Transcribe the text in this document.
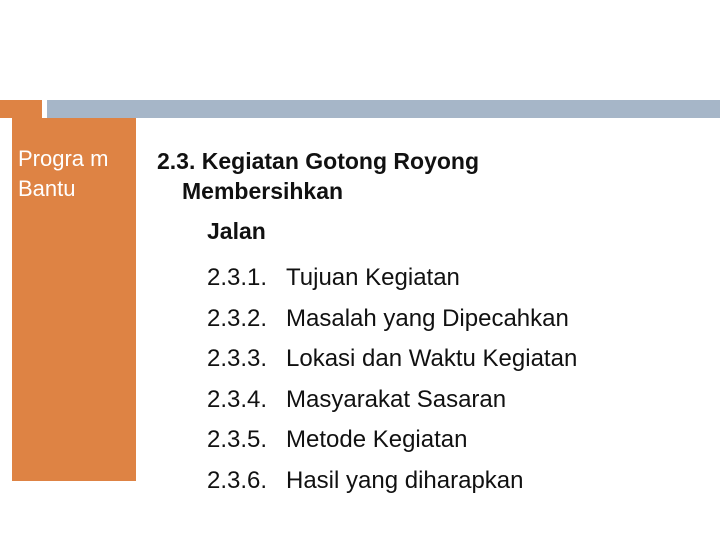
Progra m Bantu
2.3. Kegiatan Gotong Royong
Membersihkan
Jalan
2.3.1. Tujuan Kegiatan
2.3.2. Masalah yang Dipecahkan
2.3.3. Lokasi dan Waktu Kegiatan
2.3.4. Masyarakat Sasaran
2.3.5. Metode Kegiatan
2.3.6. Hasil yang diharapkan
